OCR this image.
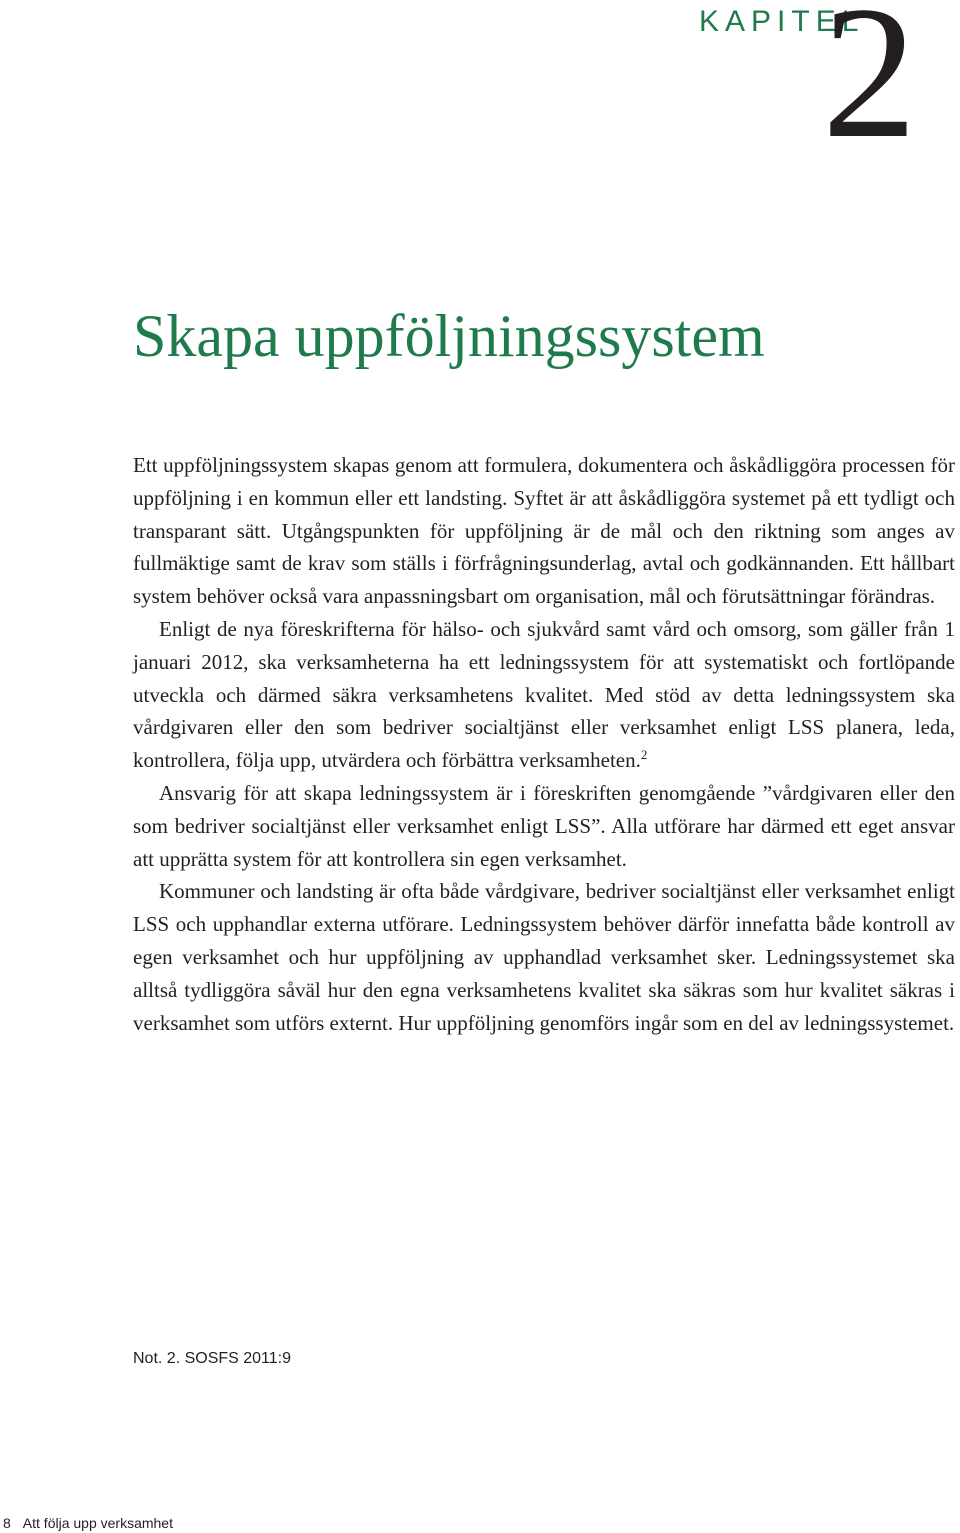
KAPITEL
2
Skapa uppföljningssystem

Ett uppföljningssystem skapas genom att formulera, dokumentera och åskådliggöra processen för uppföljning i en kommun eller ett landsting. Syftet är att åskådliggöra systemet på ett tydligt och transparant sätt. Utgångspunkten för uppföljning är de mål och den riktning som anges av fullmäktige samt de krav som ställs i förfrågningsunderlag, avtal och godkännanden. Ett hållbart system behöver också vara anpassningsbart om organisation, mål och förutsättningar förändras.

Enligt de nya föreskrifterna för hälso- och sjukvård samt vård och omsorg, som gäller från 1 januari 2012, ska verksamheterna ha ett ledningssystem för att systematiskt och fortlöpande utveckla och därmed säkra verksamhetens kvalitet. Med stöd av detta ledningssystem ska vårdgivaren eller den som bedriver socialtjänst eller verksamhet enligt LSS planera, leda, kontrollera, följa upp, utvärdera och förbättra verksamheten.$^2$

Ansvarig för att skapa ledningssystem är i föreskriften genomgående ”vårdgivaren eller den som bedriver socialtjänst eller verksamhet enligt LSS”. Alla utförare har därmed ett eget ansvar att upprätta system för att kontrollera sin egen verksamhet.

Kommuner och landsting är ofta både vårdgivare, bedriver socialtjänst eller verksamhet enligt LSS och upphandlar externa utförare. Ledningssystem behöver därför innefatta både kontroll av egen verksamhet och hur uppföljning av upphandlad verksamhet sker. Ledningssystemet ska alltså tydliggöra såväl hur den egna verksamhetens kvalitet ska säkras som hur kvalitet säkras i verksamhet som utförs externt. Hur uppföljning genomförs ingår som en del av ledningssystemet.

Not. 2. SOSFS 2011:9

8 Att följa upp verksamhet
